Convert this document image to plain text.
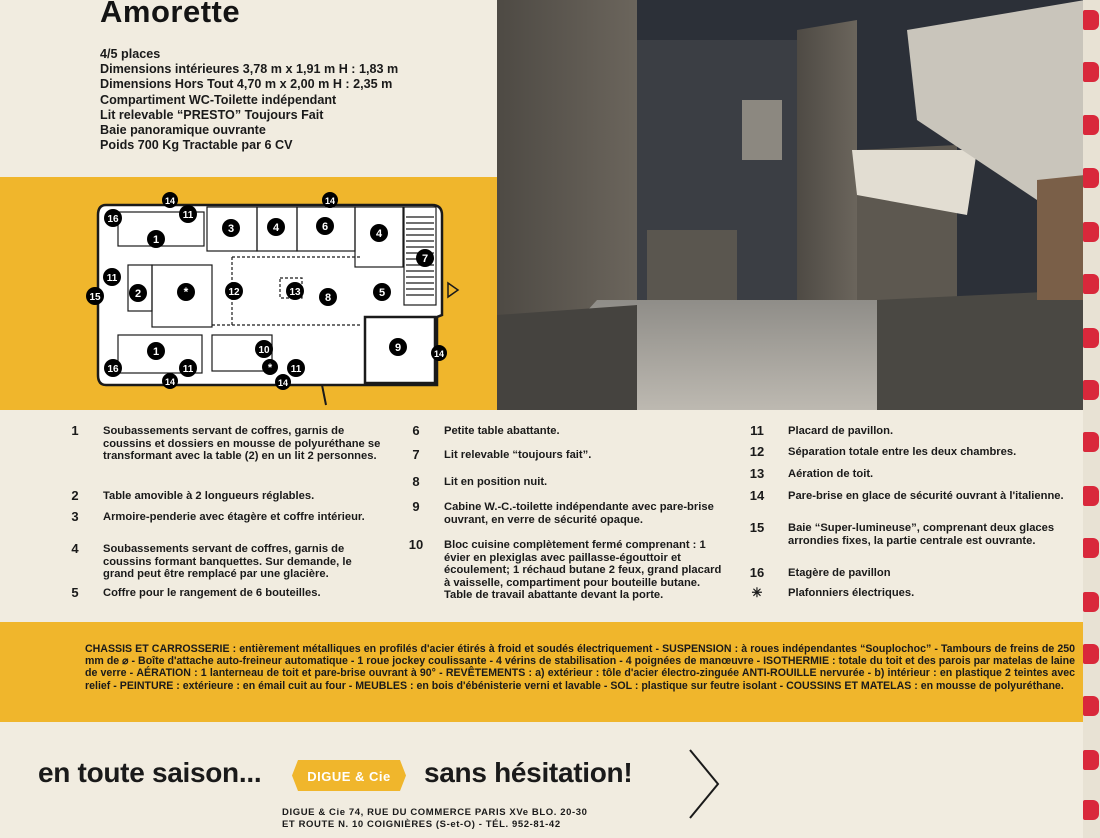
Amorette
4/5 places
Dimensions intérieures 3,78 m x 1,91 m H : 1,83 m
Dimensions Hors Tout 4,70 m x 2,00 m H : 2,35 m
Compartiment WC-Toilette indépendant
Lit relevable “PRESTO” Toujours Fait
Baie panoramique ouvrante
Poids 700 Kg Tractable par 6 CV
1
1
2
3	4	4
5
6
7
8
9
10
11
11
11	11
12	13
14	14
14	14
14
15
16
16
*
*
1	Soubassements servant de coffres, garnis de coussins et dossiers en mousse de polyuréthane se transformant avec la table (2) en un lit 2 personnes.
2	Table amovible à 2 longueurs réglables.
3	Armoire-penderie avec étagère et coffre intérieur.
4	Soubassements servant de coffres, garnis de coussins formant banquettes. Sur demande, le grand peut être remplacé par une glacière.
5	Coffre pour le rangement de 6 bouteilles.
6	Petite table abattante.
7	Lit relevable “toujours fait”.
8	Lit en position nuit.
9	Cabine W.-C.-toilette indépendante avec pare-brise ouvrant, en verre de sécurité opaque.
10	Bloc cuisine complètement fermé comprenant : 1 évier en plexiglas avec paillasse-égouttoir et écoulement; 1 réchaud butane 2 feux, grand placard à vaisselle, compartiment pour bouteille butane. Table de travail abattante devant la porte.
11	Placard de pavillon.
12	Séparation totale entre les deux chambres.
13	Aération de toit.
14	Pare-brise en glace de sécurité ouvrant à l'italienne.
15	Baie “Super-lumineuse”, comprenant deux glaces arrondies fixes, la partie centrale est ouvrante.
16	Etagère de pavillon
✳	Plafonniers électriques.
CHASSIS ET CARROSSERIE : entièrement métalliques en profilés d'acier étirés à froid et soudés électriquement - SUSPENSION : à roues indépendantes “Souplochoc” - Tambours de freins de 250 mm de ⌀ - Boîte d'attache auto-freineur automatique - 1 roue jockey coulissante - 4 vérins de stabilisation - 4 poignées de manœuvre - ISOTHERMIE : totale du toit et des parois par matelas de laine de verre - AÉRATION : 1 lanterneau de toit et pare-brise ouvrant à 90° - REVÊTEMENTS : a) extérieur : tôle d'acier électro-zinguée ANTI-ROUILLE nervurée - b) intérieur : en plastique 2 teintes avec relief - PEINTURE : extérieure : en émail cuit au four - MEUBLES : en bois d'ébénisterie verni et lavable - SOL : plastique sur feutre isolant - COUSSINS ET MATELAS : en mousse de polyuréthane.
en toute saison...	DIGUE & Cie sans hésitation!
DIGUE & Cie 74, RUE DU COMMERCE PARIS XVe BLO. 20-30
ET ROUTE N. 10 COIGNIÈRES (S-et-O) - TÉL. 952-81-42
